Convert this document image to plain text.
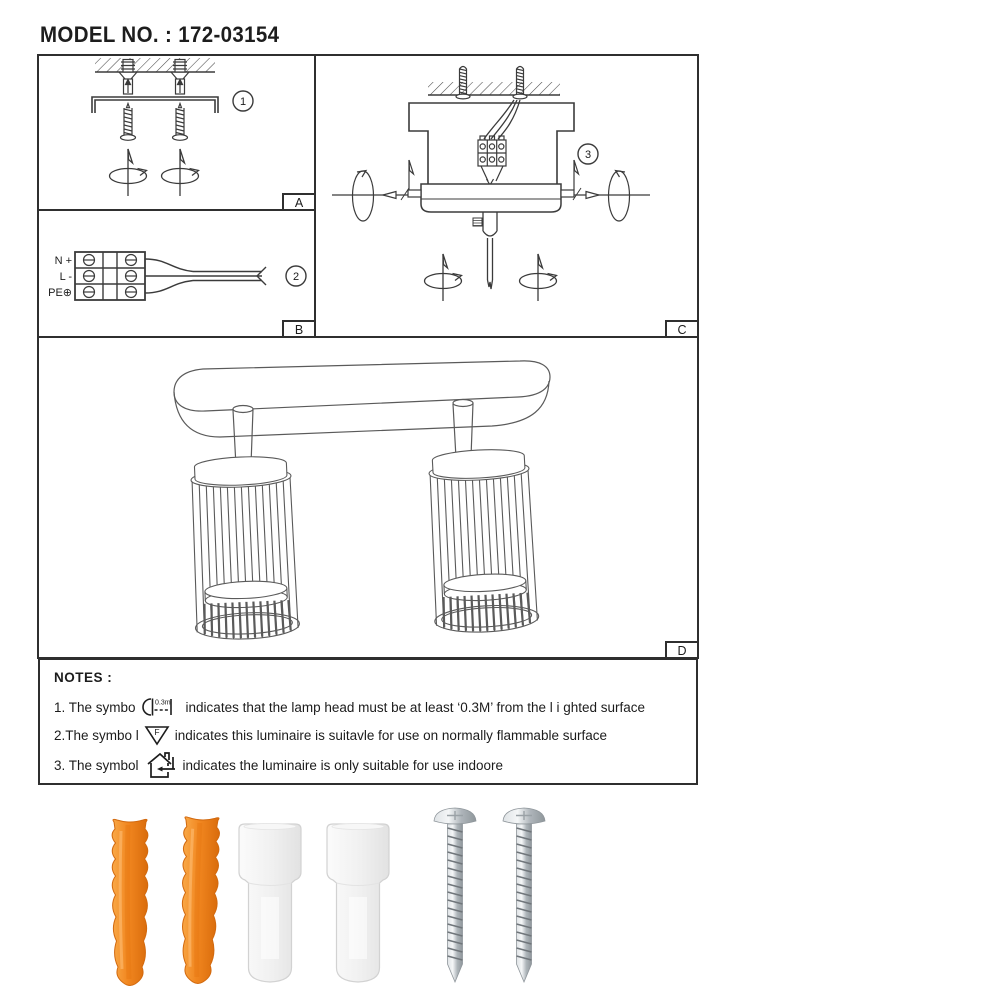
MODEL NO. : 172-03154
1
A
N +
L -
PE⊕
2
B
3
C
D
NOTES :
1. The symbo	0.3m indicates that the lamp head must be at least ‘0.3M’ from the l i ghted surface
2.The symbo l F indicates this luminaire is suitavle for use on normally flammable surface
3. The symbol	indicates the luminaire is only suitable for use indoore
